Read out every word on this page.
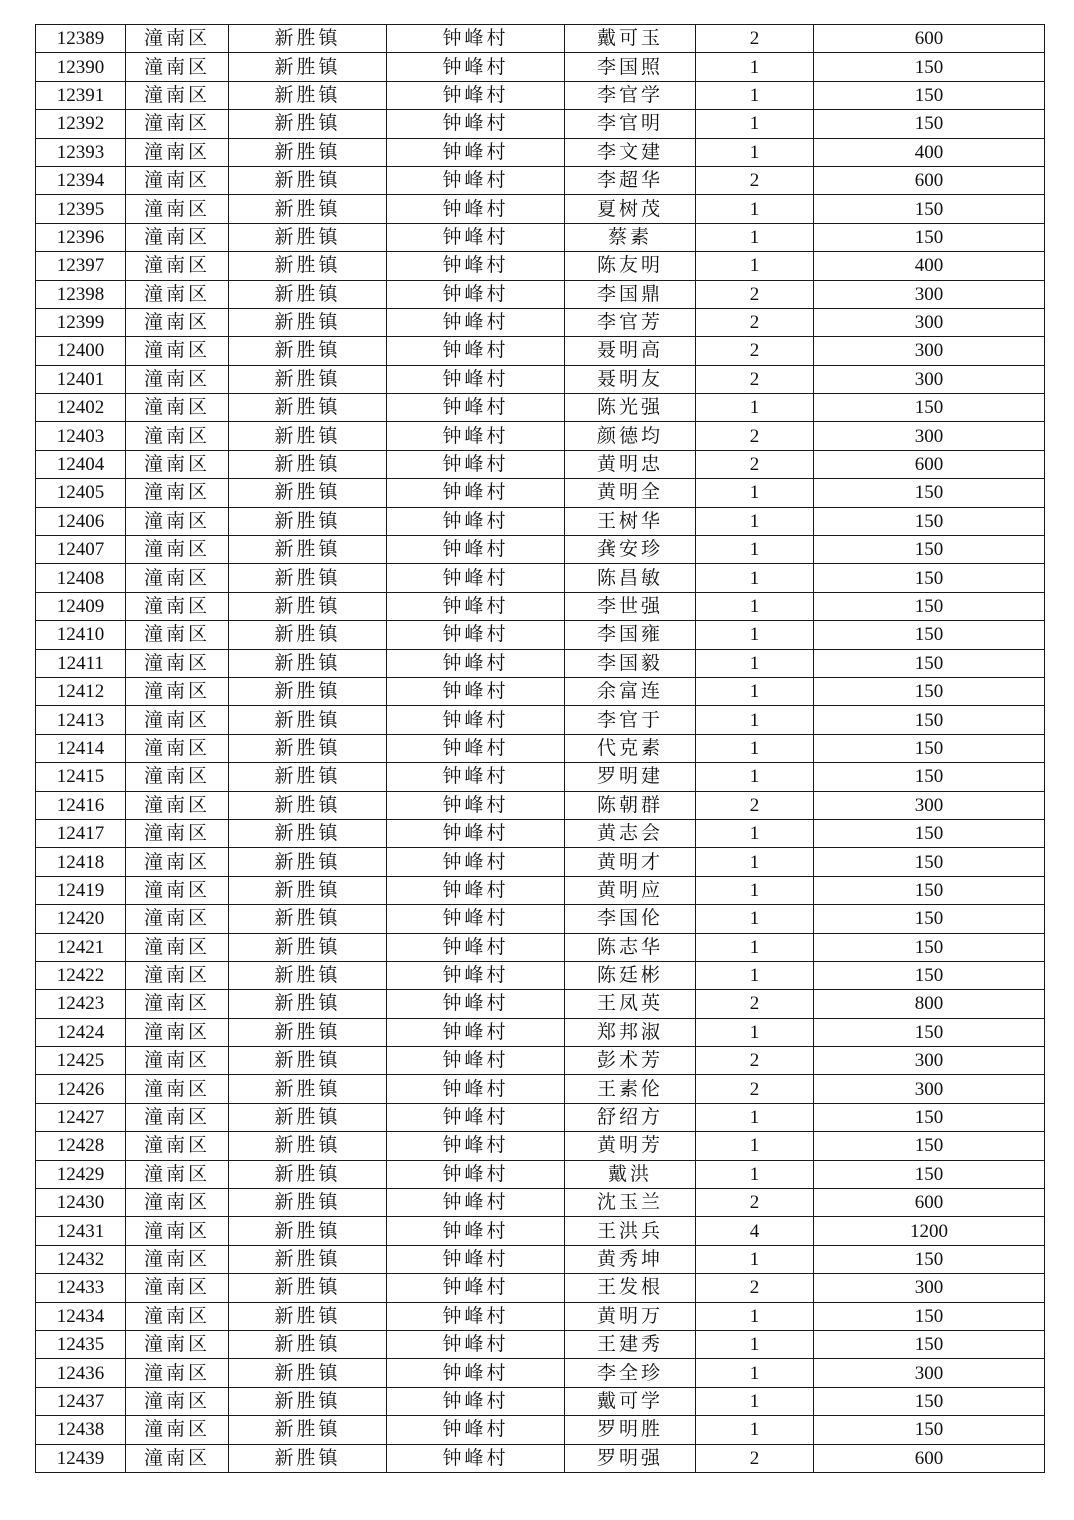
12389	潼南区	新胜镇	钟峰村	戴可玉	2	600
12390	潼南区	新胜镇	钟峰村	李国照	1	150
12391	潼南区	新胜镇	钟峰村	李官学	1	150
12392	潼南区	新胜镇	钟峰村	李官明	1	150
12393	潼南区	新胜镇	钟峰村	李文建	1	400
12394	潼南区	新胜镇	钟峰村	李超华	2	600
12395	潼南区	新胜镇	钟峰村	夏树茂	1	150
12396	潼南区	新胜镇	钟峰村	蔡素	1	150
12397	潼南区	新胜镇	钟峰村	陈友明	1	400
12398	潼南区	新胜镇	钟峰村	李国鼎	2	300
12399	潼南区	新胜镇	钟峰村	李官芳	2	300
12400	潼南区	新胜镇	钟峰村	聂明高	2	300
12401	潼南区	新胜镇	钟峰村	聂明友	2	300
12402	潼南区	新胜镇	钟峰村	陈光强	1	150
12403	潼南区	新胜镇	钟峰村	颜德均	2	300
12404	潼南区	新胜镇	钟峰村	黄明忠	2	600
12405	潼南区	新胜镇	钟峰村	黄明全	1	150
12406	潼南区	新胜镇	钟峰村	王树华	1	150
12407	潼南区	新胜镇	钟峰村	龚安珍	1	150
12408	潼南区	新胜镇	钟峰村	陈昌敏	1	150
12409	潼南区	新胜镇	钟峰村	李世强	1	150
12410	潼南区	新胜镇	钟峰村	李国雍	1	150
12411	潼南区	新胜镇	钟峰村	李国毅	1	150
12412	潼南区	新胜镇	钟峰村	余富连	1	150
12413	潼南区	新胜镇	钟峰村	李官于	1	150
12414	潼南区	新胜镇	钟峰村	代克素	1	150
12415	潼南区	新胜镇	钟峰村	罗明建	1	150
12416	潼南区	新胜镇	钟峰村	陈朝群	2	300
12417	潼南区	新胜镇	钟峰村	黄志会	1	150
12418	潼南区	新胜镇	钟峰村	黄明才	1	150
12419	潼南区	新胜镇	钟峰村	黄明应	1	150
12420	潼南区	新胜镇	钟峰村	李国伦	1	150
12421	潼南区	新胜镇	钟峰村	陈志华	1	150
12422	潼南区	新胜镇	钟峰村	陈廷彬	1	150
12423	潼南区	新胜镇	钟峰村	王凤英	2	800
12424	潼南区	新胜镇	钟峰村	郑邦淑	1	150
12425	潼南区	新胜镇	钟峰村	彭术芳	2	300
12426	潼南区	新胜镇	钟峰村	王素伦	2	300
12427	潼南区	新胜镇	钟峰村	舒绍方	1	150
12428	潼南区	新胜镇	钟峰村	黄明芳	1	150
12429	潼南区	新胜镇	钟峰村	戴洪	1	150
12430	潼南区	新胜镇	钟峰村	沈玉兰	2	600
12431	潼南区	新胜镇	钟峰村	王洪兵	4	1200
12432	潼南区	新胜镇	钟峰村	黄秀坤	1	150
12433	潼南区	新胜镇	钟峰村	王发根	2	300
12434	潼南区	新胜镇	钟峰村	黄明万	1	150
12435	潼南区	新胜镇	钟峰村	王建秀	1	150
12436	潼南区	新胜镇	钟峰村	李全珍	1	300
12437	潼南区	新胜镇	钟峰村	戴可学	1	150
12438	潼南区	新胜镇	钟峰村	罗明胜	1	150
12439	潼南区	新胜镇	钟峰村	罗明强	2	600
